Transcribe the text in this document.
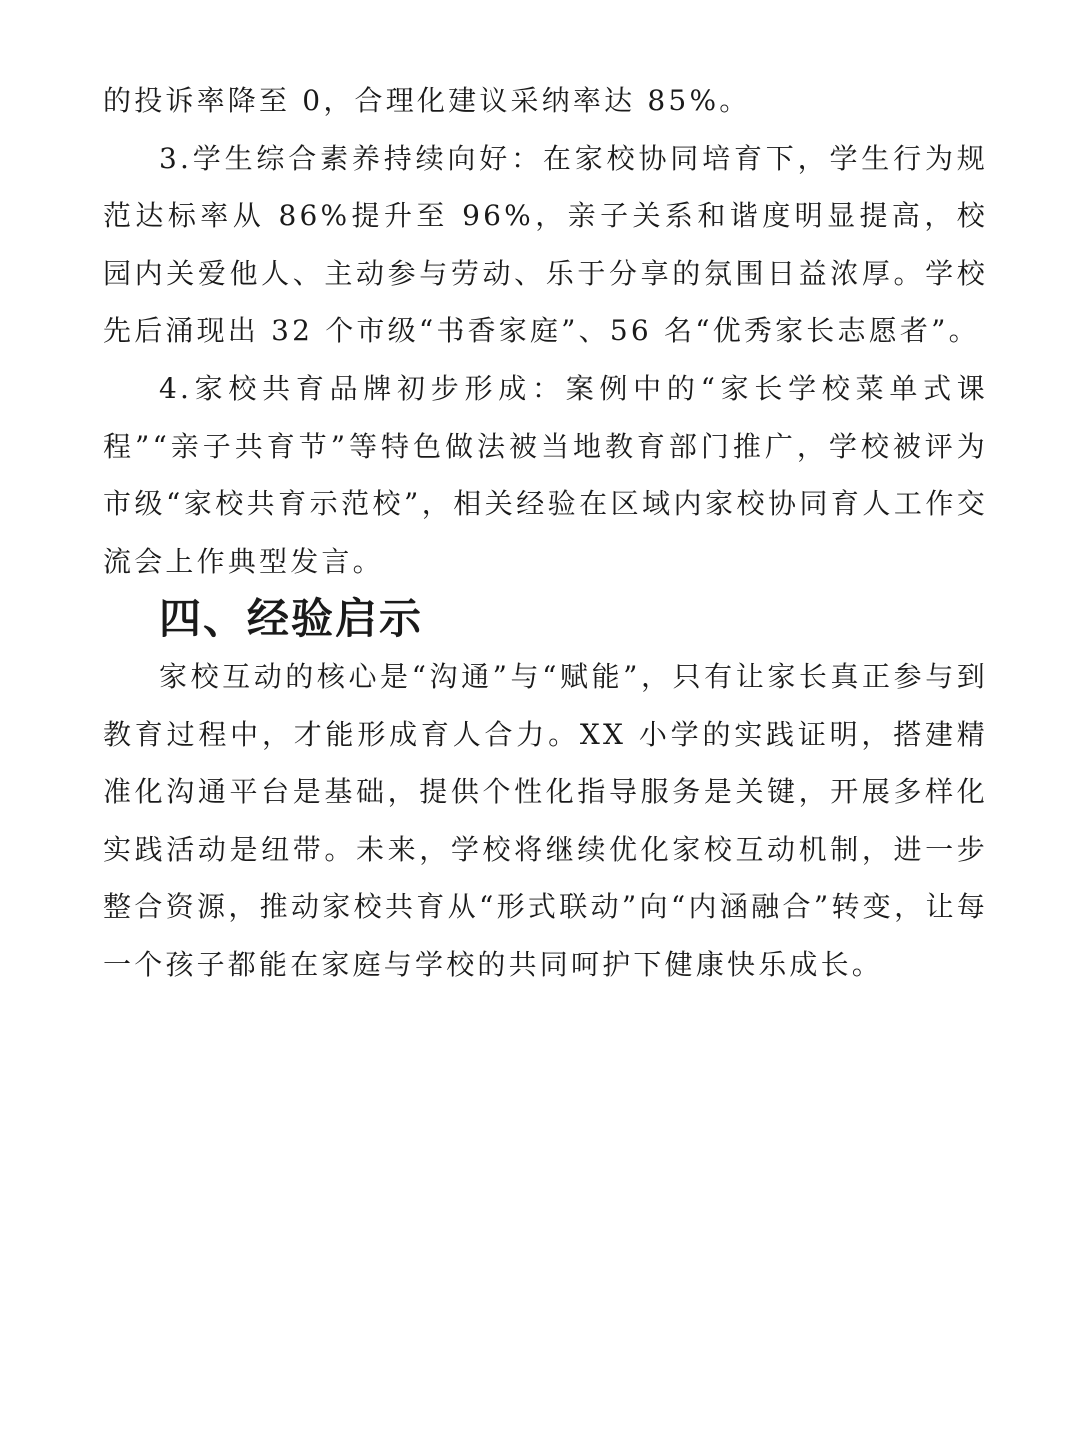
的投诉率降至 0，合理化建议采纳率达 85%。

3.学生综合素养持续向好：在家校协同培育下，学生行为规范达标率从 86%提升至 96%，亲子关系和谐度明显提高，校园内关爱他人、主动参与劳动、乐于分享的氛围日益浓厚。学校先后涌现出 32 个市级“书香家庭”、56 名“优秀家长志愿者”。

4.家校共育品牌初步形成：案例中的“家长学校菜单式课程”“亲子共育节”等特色做法被当地教育部门推广，学校被评为市级“家校共育示范校”，相关经验在区域内家校协同育人工作交流会上作典型发言。

四、经验启示

家校互动的核心是“沟通”与“赋能”，只有让家长真正参与到教育过程中，才能形成育人合力。XX 小学的实践证明，搭建精准化沟通平台是基础，提供个性化指导服务是关键，开展多样化实践活动是纽带。未来，学校将继续优化家校互动机制，进一步整合资源，推动家校共育从“形式联动”向“内涵融合”转变，让每一个孩子都能在家庭与学校的共同呵护下健康快乐成长。
